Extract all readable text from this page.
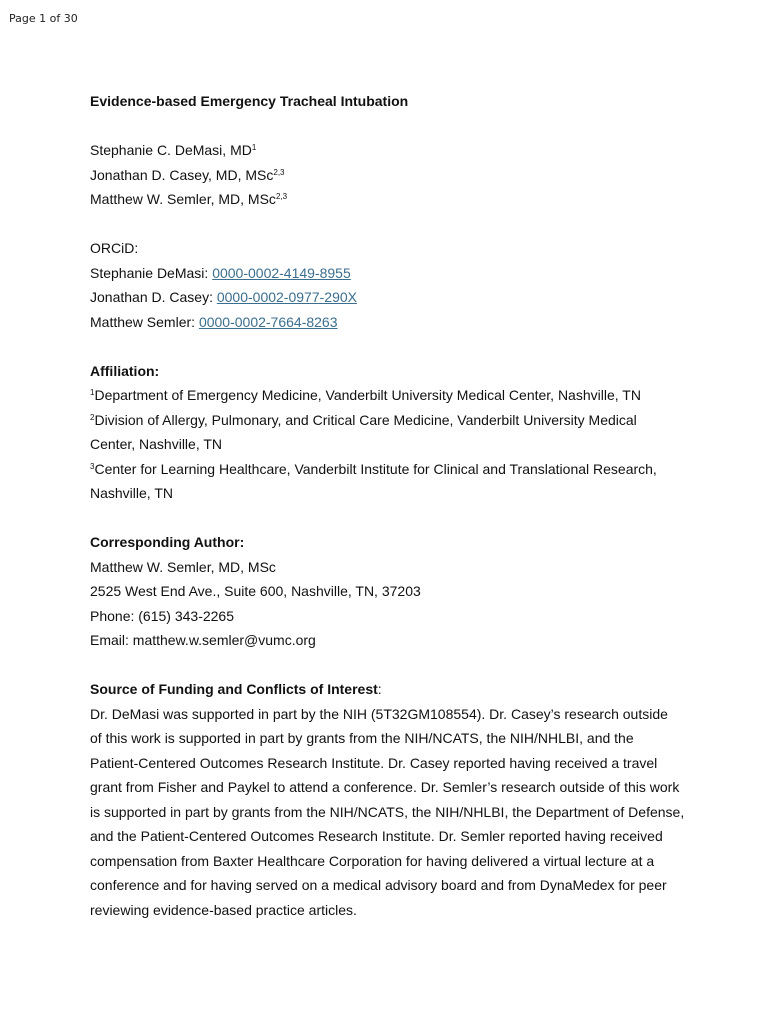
Page 1 of 30
Evidence-based Emergency Tracheal Intubation
Stephanie C. DeMasi, $MD^1$
Jonathan D. Casey, MD, MSc$^{2,3}$
Matthew W. Semler, MD, MSc$^{2,3}$
ORCiD:
Stephanie DeMasi: 0000-0002-4149-8955
Jonathan D. Casey: 0000-0002-0977-290X
Matthew Semler: 0000-0002-7664-8263
Affiliation:
$^1$Department of Emergency Medicine, Vanderbilt University Medical Center, Nashville, TN
$^2$Division of Allergy, Pulmonary, and Critical Care Medicine, Vanderbilt University Medical
Center, Nashville, TN
$^3$Center for Learning Healthcare, Vanderbilt Institute for Clinical and Translational Research,
Nashville, TN
Corresponding Author:
Matthew W. Semler, MD, MSc
2525 West End Ave., Suite 600, Nashville, TN, 37203
Phone: (615) 343-2265
Email: matthew.w.semler@vumc.org
Source of Funding and Conflicts of Interest:
Dr. DeMasi was supported in part by the NIH (5T32GM108554). Dr. Casey’s research outside
of this work is supported in part by grants from the NIH/NCATS, the NIH/NHLBI, and the
Patient-Centered Outcomes Research Institute. Dr. Casey reported having received a travel
grant from Fisher and Paykel to attend a conference. Dr. Semler’s research outside of this work
is supported in part by grants from the NIH/NCATS, the NIH/NHLBI, the Department of Defense,
and the Patient-Centered Outcomes Research Institute. Dr. Semler reported having received
compensation from Baxter Healthcare Corporation for having delivered a virtual lecture at a
conference and for having served on a medical advisory board and from DynaMedex for peer
reviewing evidence-based practice articles.
